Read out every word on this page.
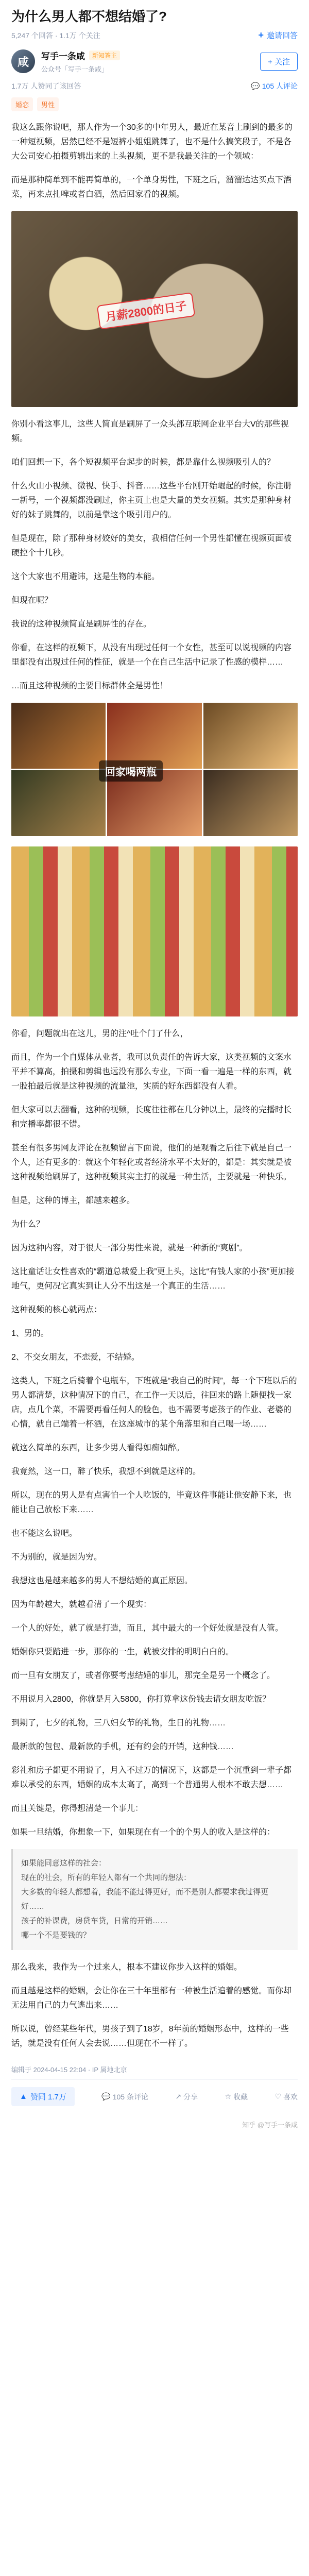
为什么男人都不想结婚了?
5,247 个回答 · 1.1万 个关注	+ 邀请回答
咸 写手一条咸	新知答主
公众号「写手一条咸」
+ 关注
1.7万 人赞同了该回答	💬 105 人评论
婚恋	男性

我这么跟你说吧，那人作为一个30多的中年男人，最近在某音上刷到的最多的一种短视频，居然已经不是短裤小姐姐跳舞了，也不是什么搞笑段子，不是各大公司安心拍摄剪辑出来的上头视频，更不是我最关注的一个领域：

而是那种简单到不能再简单的，一个单身男性，下班之后，溜溜达达买点下酒菜，再来点扎啤或者白酒，然后回家看的视频。

月薪2800的日子

你别小看这事儿，这些人简直是刷屏了一众头部互联网企业平台大V的那些视频。

咱们回想一下，各个短视频平台起步的时候，都是靠什么视频吸引人的？

什么火山小视频、微视、快手、抖音……这些平台刚开始崛起的时候，你注册一新号，一个视频都没刷过，你主页上也是大量的美女视频。其实是那种身材好的妹子跳舞的，以前是靠这个吸引用户的。

但是现在，除了那种身材姣好的美女，我相信任何一个男性都懂在视频页面被硬控个十几秒。

这个大家也不用避讳，这是生物的本能。

但现在呢？

我说的这种视频简直是刷屏性的存在。

你看，在这样的视频下，从没有出现过任何一个女性，甚至可以说视频的内容里都没有出现过任何的性征，就是一个在自己生活中记录了性感的模样……

…而且这种视频的主要目标群体全是男性！

回家喝两瓶

你看，问题就出在这儿，男的注^吐个门了什么，

而且，作为一个自媒体从业者，我可以负责任的告诉大家，这类视频的文案水平并不算高，拍摄和剪辑也远没有那么专业，下面一看一遍是一样的东西，就一股拍最后就是这种视频的流量池，实质的好东西都没有人看。

但大家可以去翻看，这种的视频，长度往往都在几分钟以上，最终的完播时长和完播率都很不错。

甚至有很多男网友评论在视频留言下面说，他们的是观看之后往下就是自己一个人，还有更多的：就这个年轻化或者经济水平不太好的，都是：其实就是被这种视频给刷屏了，这种视频其实主打的就是一种生活，主要就是一种快乐。

但是，这种的博主，都越来越多。

为什么？

因为这种内容，对于很大一部分男性来说，就是一种新的“爽剧”。

这比童话让女性喜欢的“霸道总裁爱上我”更上头，这比“有钱人家的小孩”更加接地气，更何况它真实到让人分不出这是一个真正的生活……

这种视频的核心就两点：

1、男的。

2、不交女朋友，不恋爱，不结婚。

这类人，下班之后骑着个电瓶车，下班就是“我自己的时间”，每一个下班以后的男人都清楚，这种情况下的自己，在工作一天以后，往回来的路上随便找一家店，点几个菜，不需要再看任何人的脸色，也不需要考虑孩子的作业、老婆的心情，就自己端着一杯酒，在这座城市的某个角落里和自己喝一场……

就这么简单的东西，让多少男人看得如痴如醉。

我竟然，这一口，醉了快乐，我想不到就是这样的。

所以，现在的男人是有点害怕一个人吃饭的，毕竟这件事能让他安静下来，也能让自己放松下来……

也不能这么说吧。

不为别的，就是因为穷。

我想这也是越来越多的男人不想结婚的真正原因。

因为年龄越大，就越看清了一个现实：

一个人的好处，就了就是打造，而且，其中最大的一个好处就是没有人管。

婚姻你只要踏进一步，那你的一生，就被安排的明明白白的。

而一旦有女朋友了，或者你要考虑结婚的事儿，那完全是另一个概念了。

不用说月入2800，你就是月入5800，你打算拿这份钱去请女朋友吃饭？

到期了，七夕的礼物，三八妇女节的礼物，生日的礼物……

最新款的包包、最新款的手机，还有约会的开销，这种钱……

彩礼和房子都更不用说了，月入不过万的情况下，这都是一个沉重到一辈子都难以承受的东西，婚姻的成本太高了，高到一个普通男人根本不敢去想……

而且关键是，你得想清楚一个事儿：

如果一旦结婚，你想象一下，如果现在有一个的个男人的收入是这样的：

如果能同意这样的社会：
现在的社会，所有的年轻人都有一个共同的想法：
大多数的年轻人都想着，我能不能过得更好，而不是别人都要求我过得更好……
孩子的补课费，房贷车贷，日常的开销……
哪一个不是要钱的？

那么我来，我作为一个过来人，根本不建议你步入这样的婚姻。

而且越是这样的婚姻，会让你在三十年里都有一种被生活追着的感觉。而你却无法用自己的力气逃出来……

所以说，曾经某些年代，男孩子到了18岁，8年前的婚姻形态中，这样的一些话，就是没有任何人会去说……但现在不一样了。

编辑于 2024-04-15 22:04 · IP 属地北京
▲ 赞同 1.7万	💬 105 条评论	↗ 分享	☆ 收藏	♡ 喜欢
知乎 @写手一条咸
